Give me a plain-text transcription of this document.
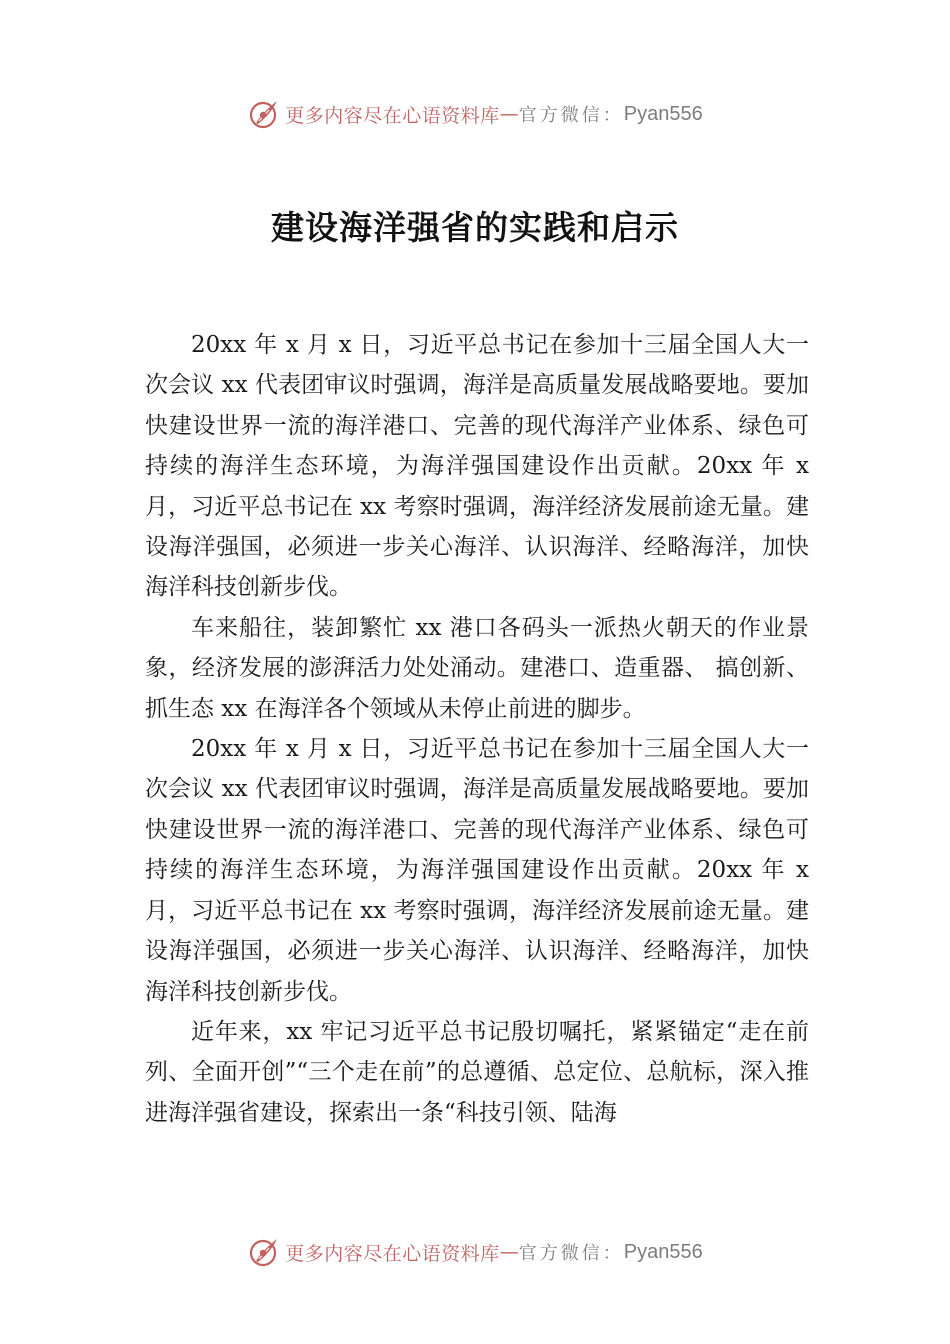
更多内容尽在心语资料库 — 官方微信： Pyan556
建设海洋强省的实践和启示

20xx 年 x 月 x 日，习近平总书记在参加十三届全国人大一次会议 xx 代表团审议时强调，海洋是高质量发展战略要地。要加快建设世界一流的海洋港口、完善的现代海洋产业体系、绿色可持续的海洋生态环境，为海洋强国建设作出贡献。20xx 年 x 月，习近平总书记在 xx 考察时强调，海洋经济发展前途无量。建设海洋强国，必须进一步关心海洋、认识海洋、经略海洋，加快海洋科技创新步伐。

车来船往，装卸繁忙 xx 港口各码头一派热火朝天的作业景象，经济发展的澎湃活力处处涌动。建港口、造重器、 搞创新、抓生态 xx 在海洋各个领域从未停止前进的脚步。

20xx 年 x 月 x 日，习近平总书记在参加十三届全国人大一次会议 xx 代表团审议时强调，海洋是高质量发展战略要地。要加快建设世界一流的海洋港口、完善的现代海洋产业体系、绿色可持续的海洋生态环境，为海洋强国建设作出贡献。20xx 年 x 月，习近平总书记在 xx 考察时强调，海洋经济发展前途无量。建设海洋强国，必须进一步关心海洋、认识海洋、经略海洋，加快海洋科技创新步伐。

近年来，xx 牢记习近平总书记殷切嘱托，紧紧锚定“走在前列、全面开创”“三个走在前”的总遵循、总定位、总航标，深入推进海洋强省建设，探索出一条“科技引领、陆海

更多内容尽在心语资料库 — 官方微信： Pyan556
